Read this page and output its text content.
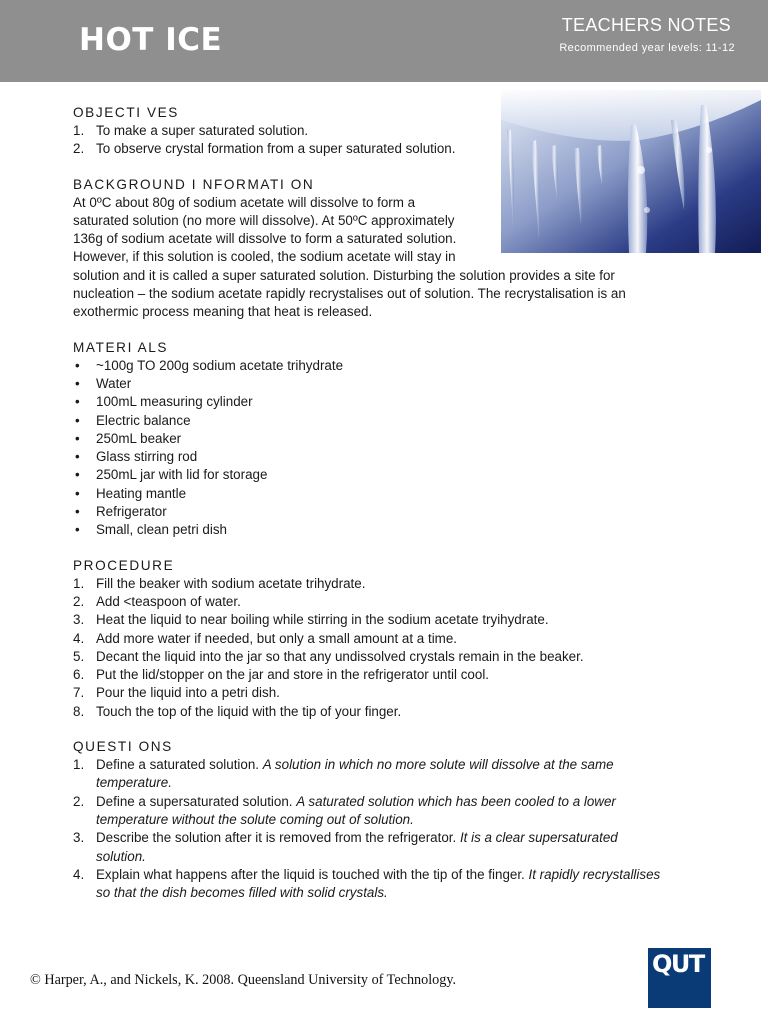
HOT ICE	TEACHERS NOTES
Recommended year levels: 11-12
OBJECTI VES
1. To make a super saturated solution.
2. To observe crystal formation from a super saturated solution.
BACKGROUND I NFORMATI ON
At 0ºC about 80g of sodium acetate will dissolve to form a
saturated solution (no more will dissolve). At 50ºC approximately
136g of sodium acetate will dissolve to form a saturated solution.
However, if this solution is cooled, the sodium acetate will stay in
solution and it is called a super saturated solution. Disturbing the solution provides a site for
nucleation – the sodium acetate rapidly recrystalises out of solution. The recrystalisation is an
exothermic process meaning that heat is released.
MATERI ALS
• ~100g TO 200g sodium acetate trihydrate
• Water
• 100mL measuring cylinder
• Electric balance
• 250mL beaker
• Glass stirring rod
• 250mL jar with lid for storage
• Heating mantle
• Refrigerator
• Small, clean petri dish
PROCEDURE
1. Fill the beaker with sodium acetate trihydrate.
2. Add <teaspoon of water.
3. Heat the liquid to near boiling while stirring in the sodium acetate tryihydrate.
4. Add more water if needed, but only a small amount at a time.
5. Decant the liquid into the jar so that any undissolved crystals remain in the beaker.
6. Put the lid/stopper on the jar and store in the refrigerator until cool.
7. Pour the liquid into a petri dish.
8. Touch the top of the liquid with the tip of your finger.
QUESTI ONS
1. Define a saturated solution. A solution in which no more solute will dissolve at the same
temperature.
2. Define a supersaturated solution. A saturated solution which has been cooled to a lower
temperature without the solute coming out of solution.
3. Describe the solution after it is removed from the refrigerator. It is a clear supersaturated
solution.
4. Explain what happens after the liquid is touched with the tip of the finger. It rapidly recrystallises
so that the dish becomes filled with solid crystals.
© Harper, A., and Nickels, K. 2008. Queensland University of Technology.
QUT
